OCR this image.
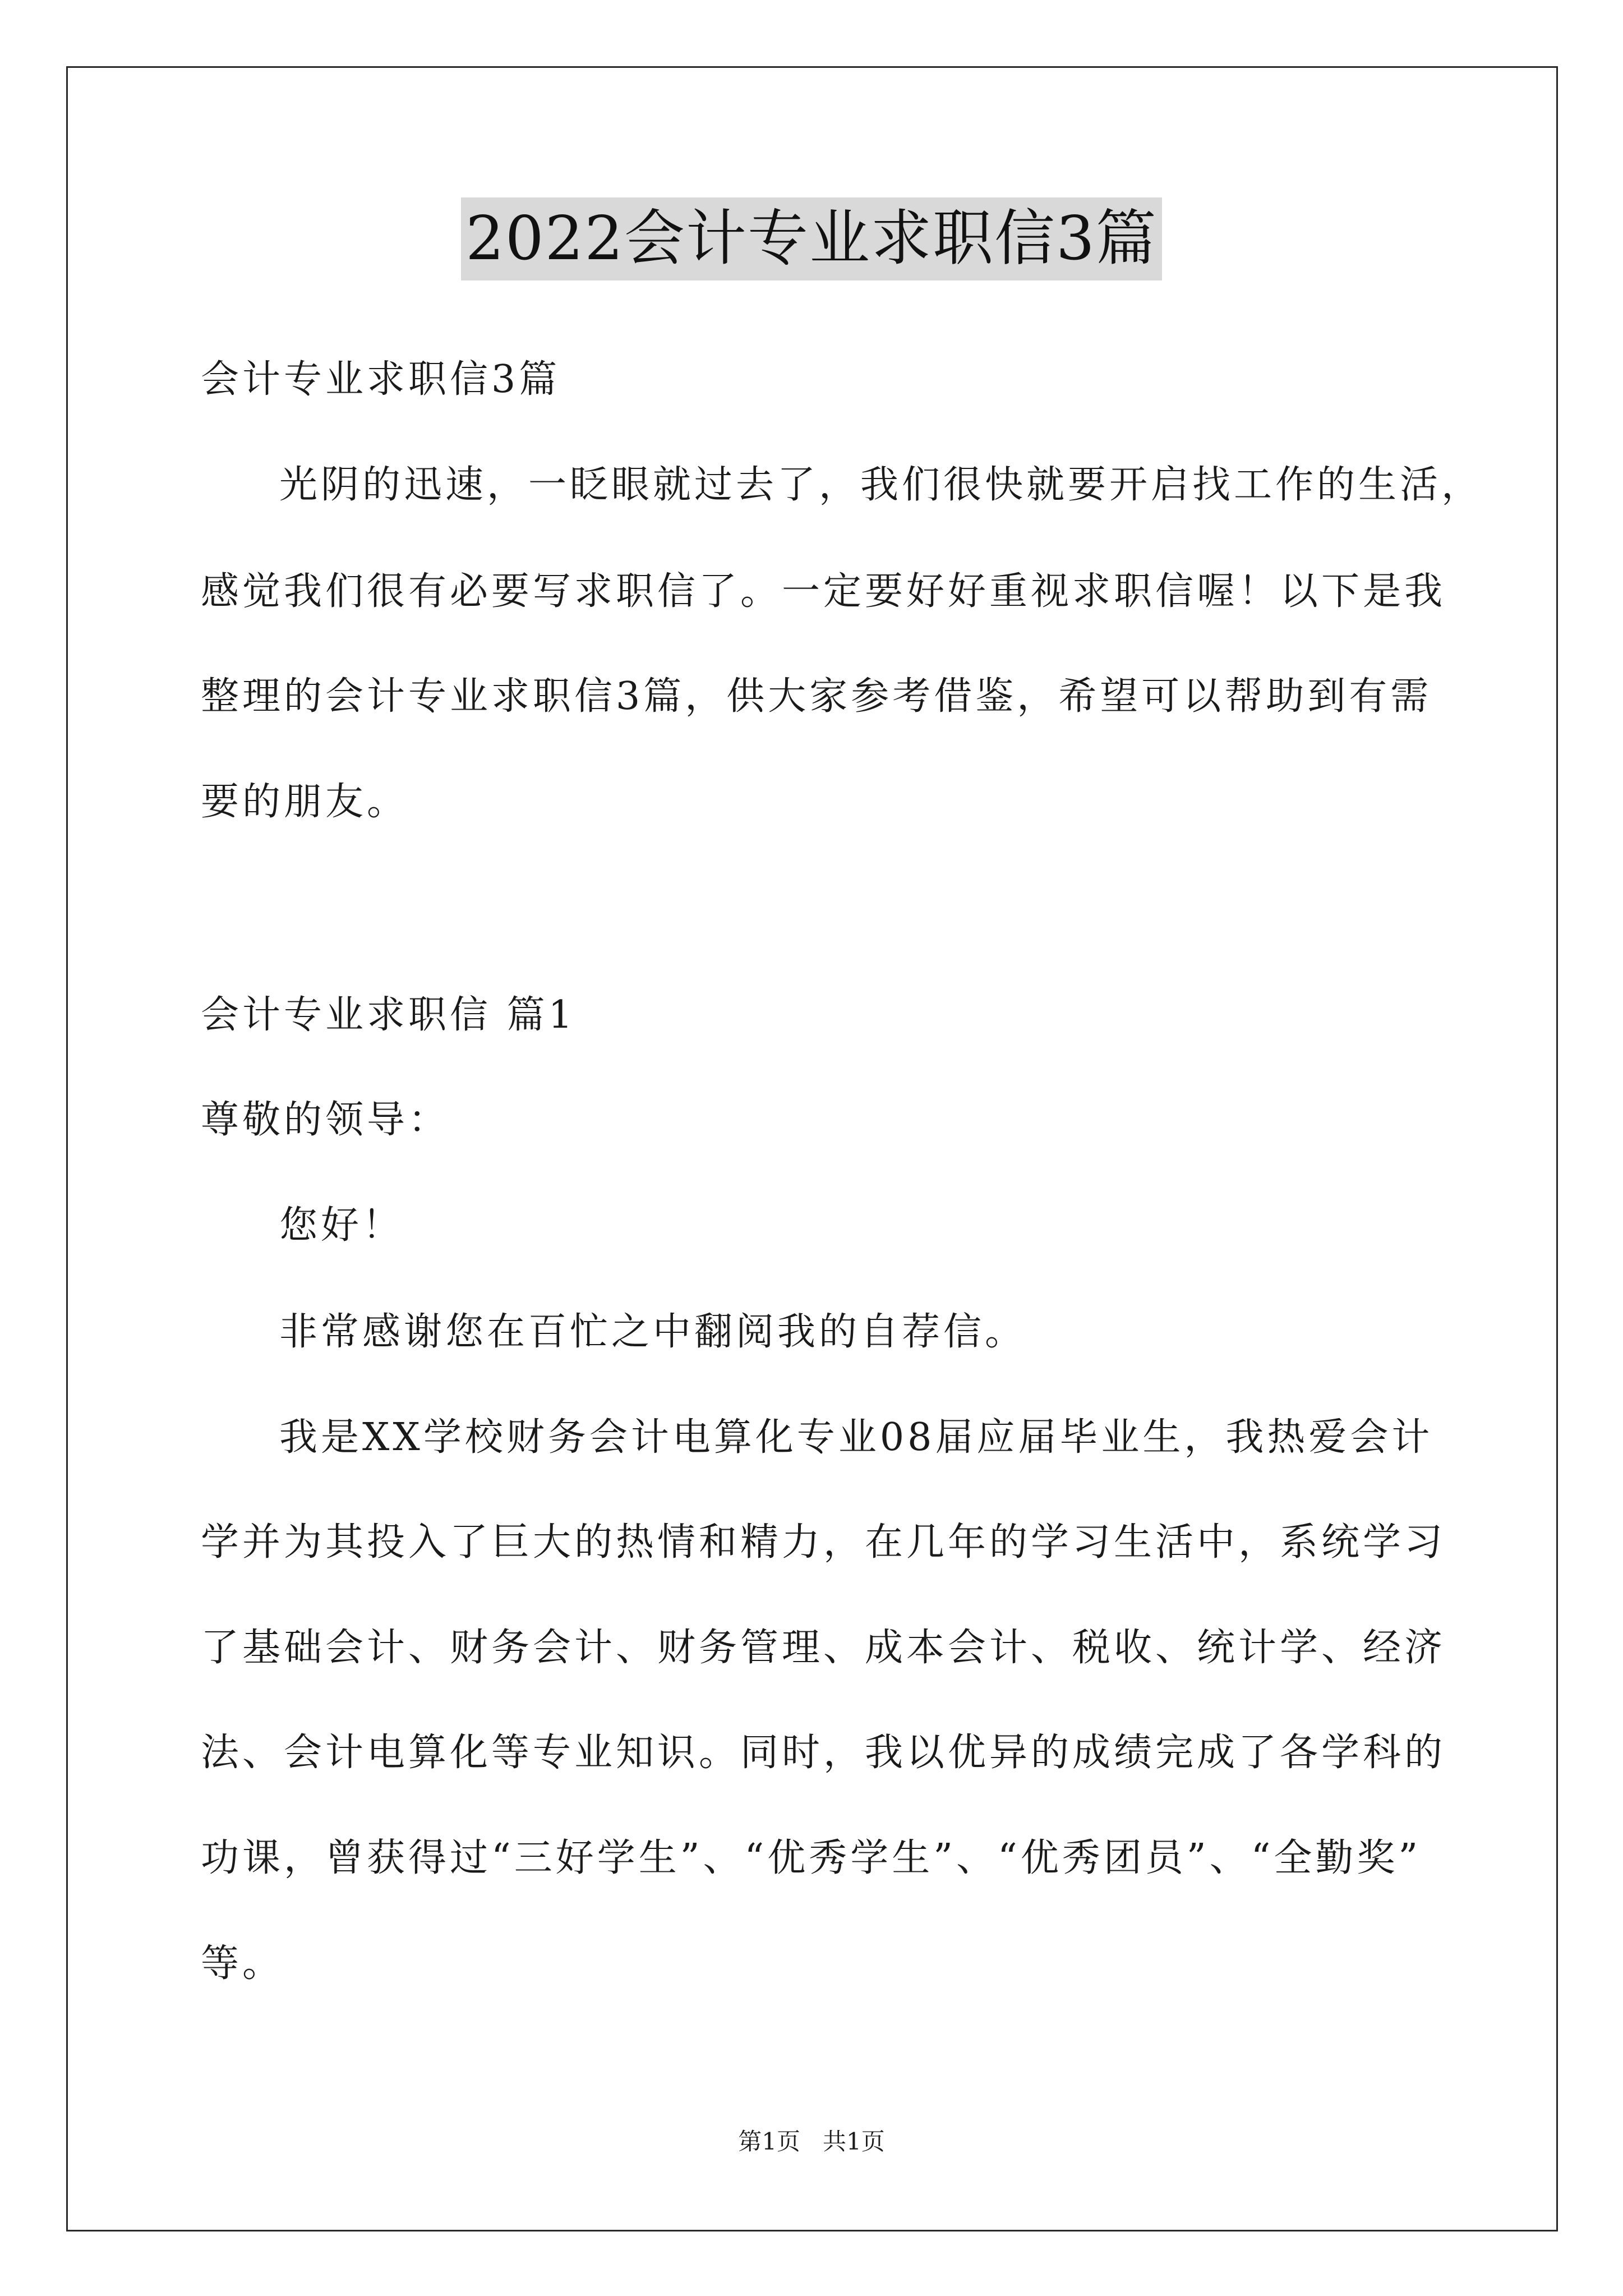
2022会计专业求职信3篇
会计专业求职信3篇
光阴的迅速，一眨眼就过去了，我们很快就要开启找工作的生活，
感觉我们很有必要写求职信了。一定要好好重视求职信喔！以下是我
整理的会计专业求职信3篇，供大家参考借鉴，希望可以帮助到有需
要的朋友。
会计专业求职信 篇1
尊敬的领导：
您好！
非常感谢您在百忙之中翻阅我的自荐信。
我是XX学校财务会计电算化专业08届应届毕业生，我热爱会计
学并为其投入了巨大的热情和精力，在几年的学习生活中，系统学习
了基础会计、财务会计、财务管理、成本会计、税收、统计学、经济
法、会计电算化等专业知识。同时，我以优异的成绩完成了各学科的
功课，曾获得过“三好学生”、“优秀学生”、“优秀团员”、“全勤奖”
等。
第1页   共1页
